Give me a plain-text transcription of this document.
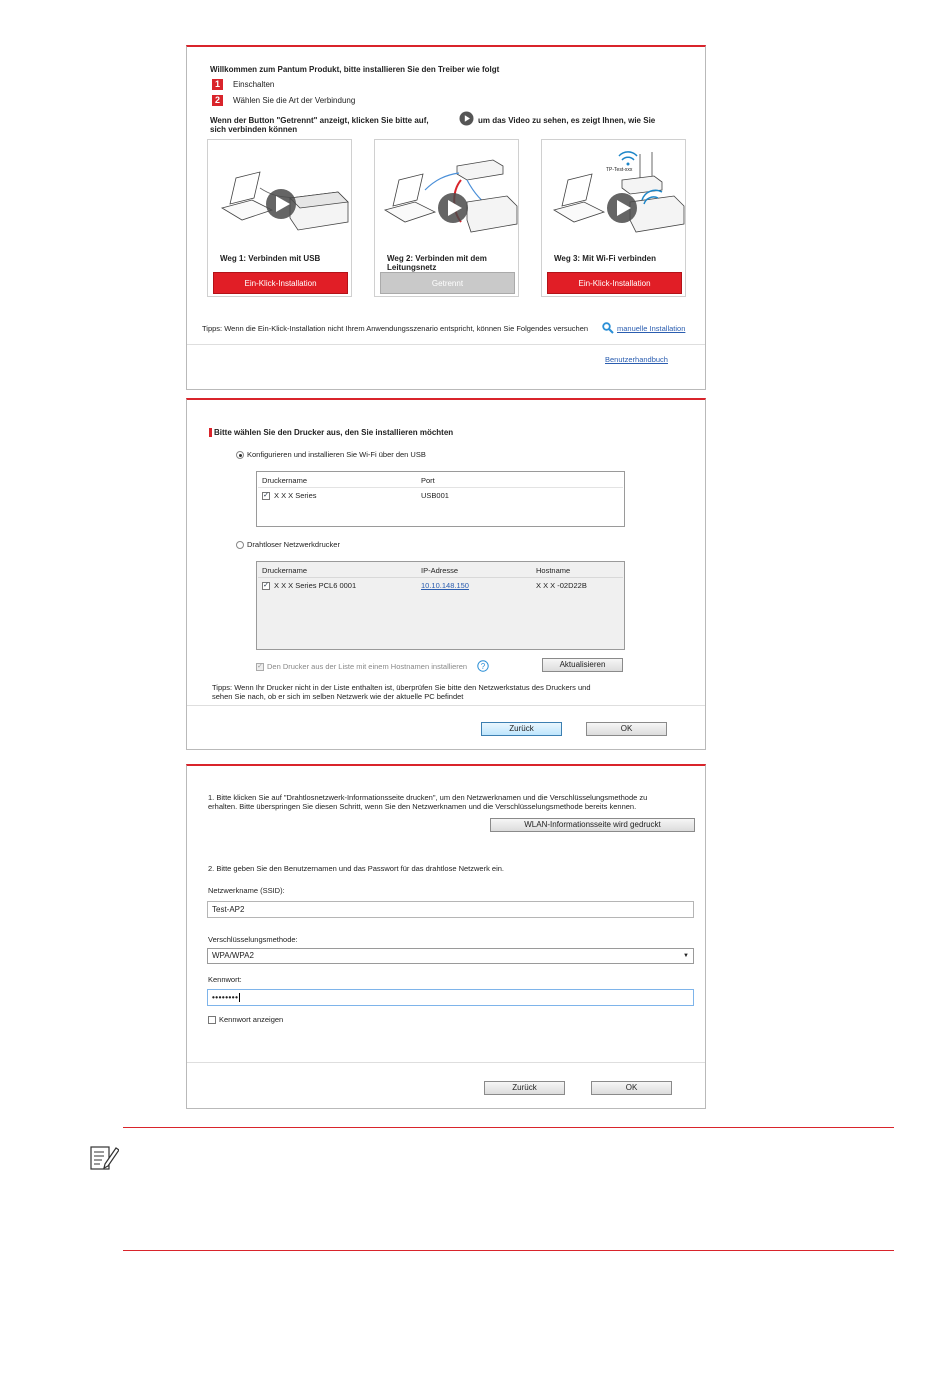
Willkommen zum Pantum Produkt, bitte installieren Sie den Treiber wie folgt
1	Einschalten
2	Wählen Sie die Art der Verbindung
Wenn der Button "Getrennt" anzeigt, klicken Sie bitte auf,	um das Video zu sehen, es zeigt Ihnen, wie Sie
sich verbinden können
Weg 1: Verbinden mit USB
Ein-Klick-Installation
Weg 2: Verbinden mit dem Leitungsnetz
Getrennt
TP-Test-xxx
Weg 3: Mit Wi-Fi verbinden
Ein-Klick-Installation
Tipps: Wenn die Ein-Klick-Installation nicht Ihrem Anwendungsszenario entspricht, können Sie Folgendes versuchen	manuelle Installation
Benutzerhandbuch
Bitte wählen Sie den Drucker aus, den Sie installieren möchten
Konfigurieren und installieren Sie Wi-Fi über den USB
Druckername	Port
✓ X X X Series	USB001
Drahtloser Netzwerkdrucker
Druckername	IP-Adresse	Hostname
✓ X X X Series PCL6 0001	10.10.148.150	X X X -02D22B
✓ Den Drucker aus der Liste mit einem Hostnamen installieren ?	Aktualisieren
Tipps: Wenn Ihr Drucker nicht in der Liste enthalten ist, überprüfen Sie bitte den Netzwerkstatus des Druckers und
sehen Sie nach, ob er sich im selben Netzwerk wie der aktuelle PC befindet
Zurück	OK
1. Bitte klicken Sie auf "Drahtlosnetzwerk-Informationsseite drucken", um den Netzwerknamen und die Verschlüsselungsmethode zu
erhalten. Bitte überspringen Sie diesen Schritt, wenn Sie den Netzwerknamen und die Verschlüsselungsmethode bereits kennen.
WLAN-Informationsseite wird gedruckt
2. Bitte geben Sie den Benutzernamen und das Passwort für das drahtlose Netzwerk ein.
Netzwerkname (SSID):
Test-AP2
Verschlüsselungsmethode:
WPA/WPA2	▼
Kennwort:
••••••••
Kennwort anzeigen
Zurück	OK
